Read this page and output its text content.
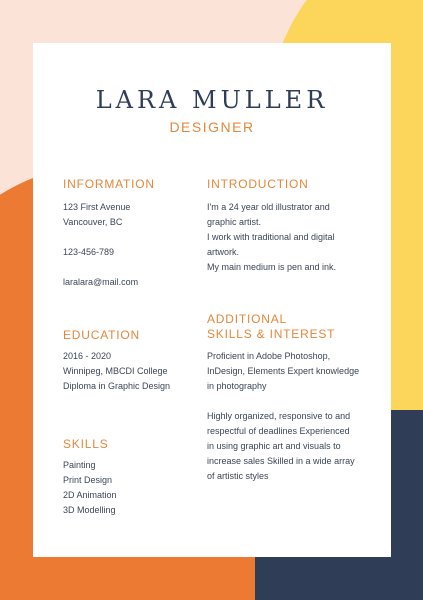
LARA MULLER
DESIGNER
INFORMATION
123 First Avenue
Vancouver, BC
123-456-789
laralara@mail.com
INTRODUCTION
I'm a 24 year old illustrator and
graphic artist.
I work with traditional and digital
artwork.
My main medium is pen and ink.
EDUCATION
2016 - 2020
Winnipeg, MBCDI College
Diploma in Graphic Design
ADDITIONAL
SKILLS & INTEREST
Proficient in Adobe Photoshop,
InDesign, Elements Expert knowledge
in photography
Highly organized, responsive to and
respectful of deadlines Experienced
in using graphic art and visuals to
increase sales Skilled in a wide array
of artistic styles
SKILLS
Painting
Print Design
2D Animation
3D Modelling
